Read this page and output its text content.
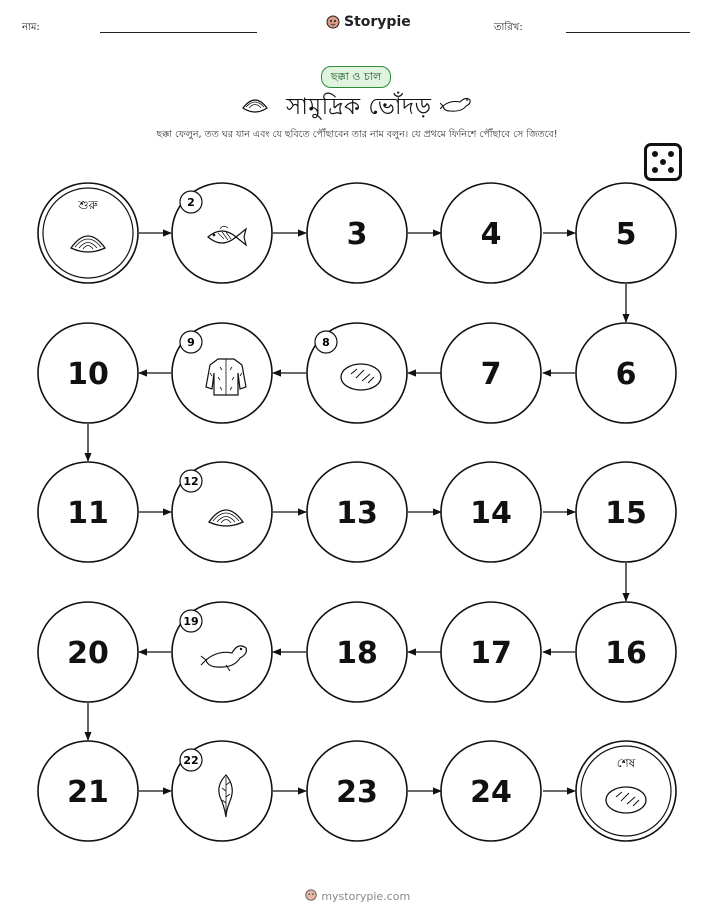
নাম:	Storypie	তারিখ:
ছক্কা ও চাল
সামুদ্রিক ভোঁদড়
ছক্কা ফেলুন, তত ঘর যান এবং যে ছবিতে পৌঁছাবেন তার নাম বলুন। যে প্রথমে ফিনিশে পৌঁছাবে সে জিতবে!
শুরু
শেষ
2
3	4	5
6
7
8
9
10
11
12
13	14	15
16
17
18
19
20
21
22
23	24
mystorypie.com
